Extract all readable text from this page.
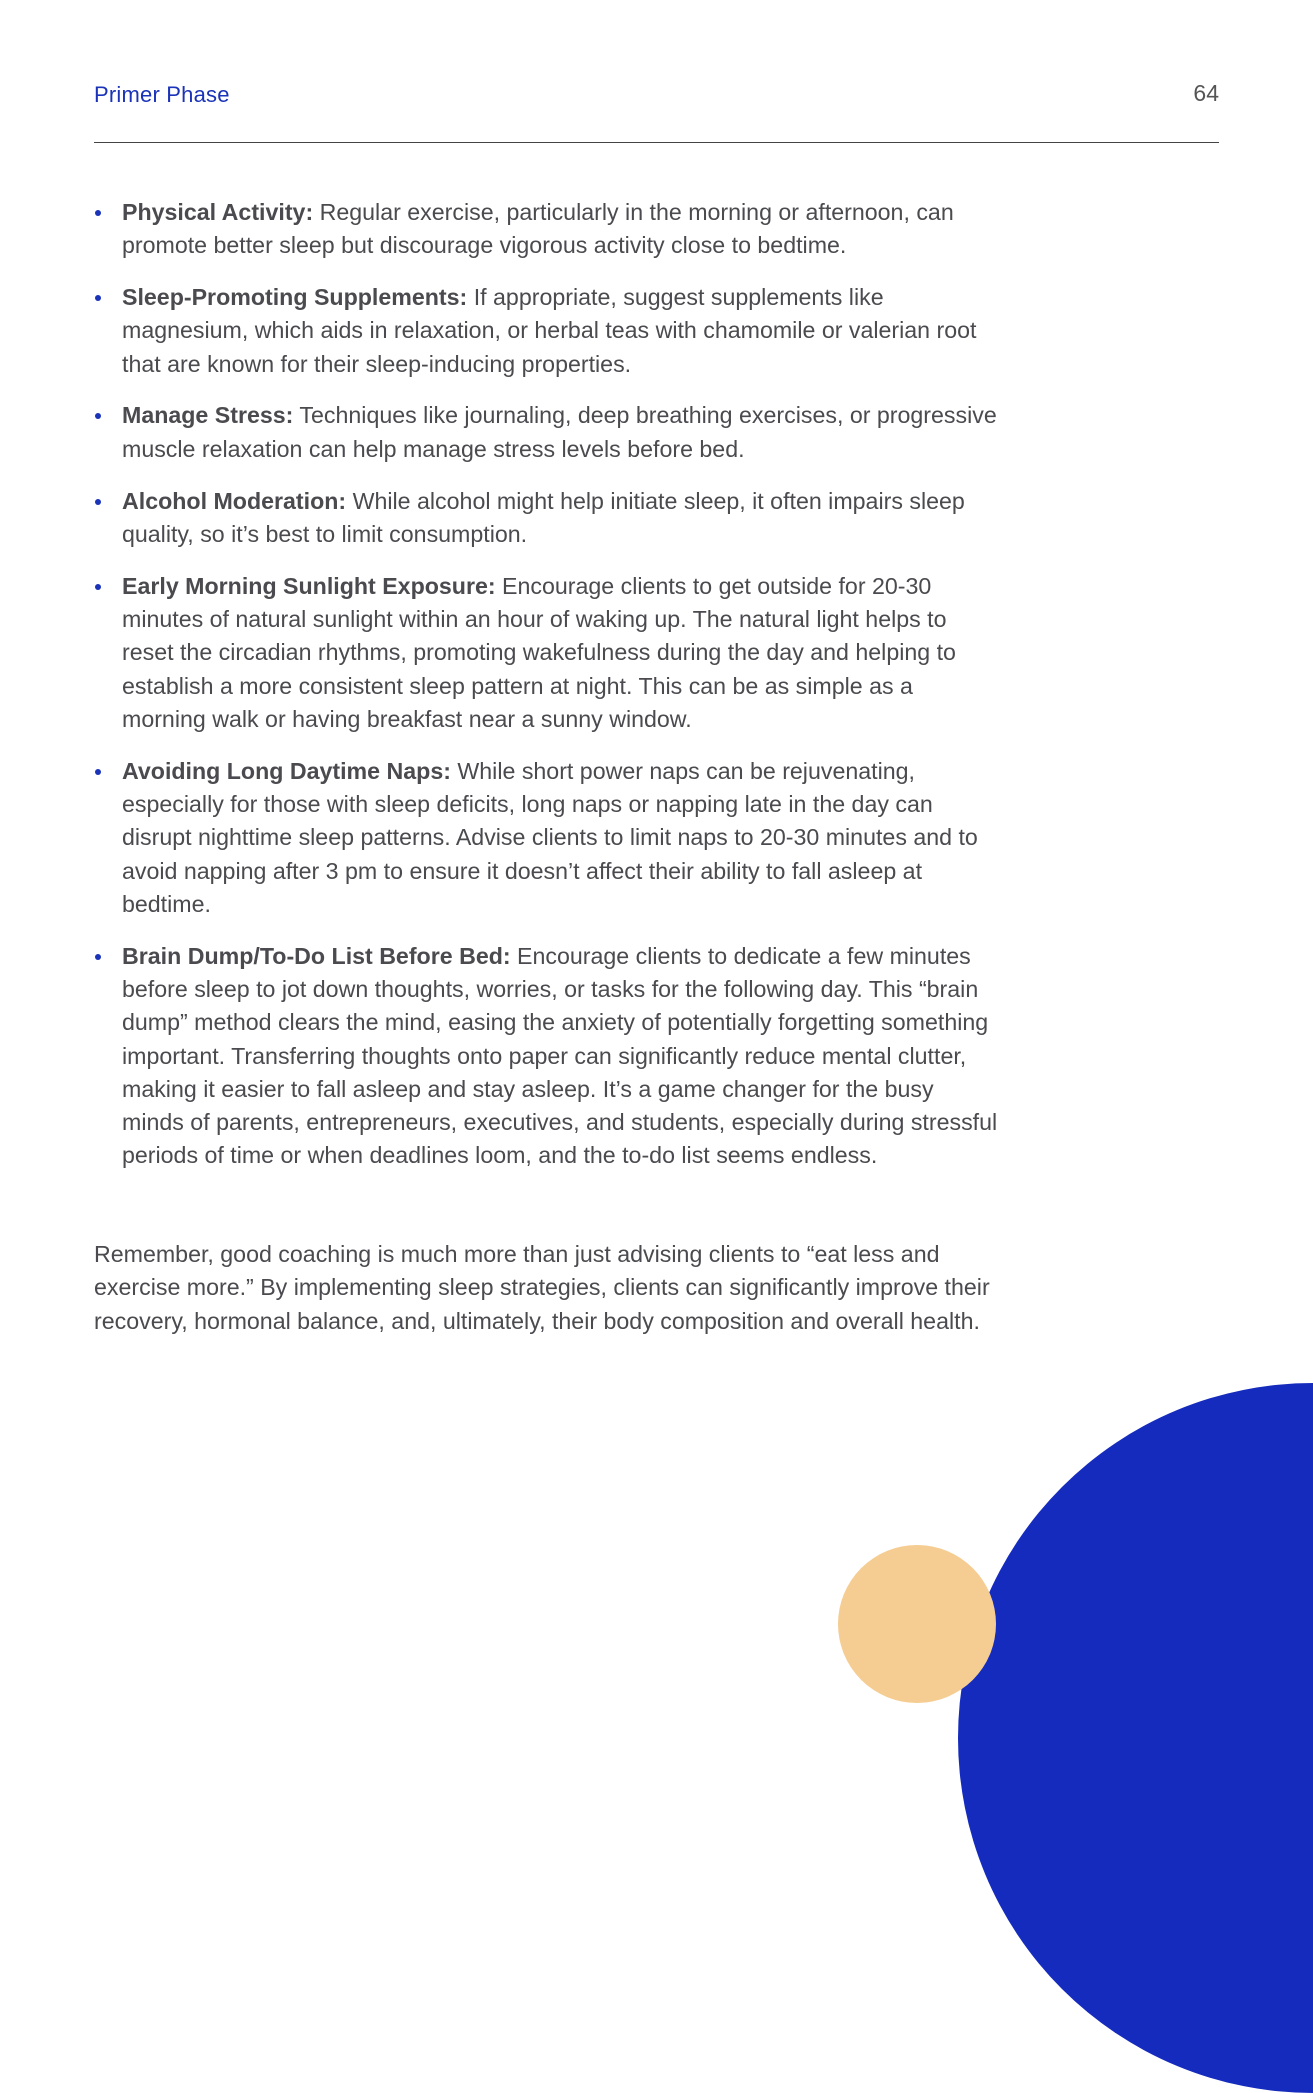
Primer Phase	64
Physical Activity: Regular exercise, particularly in the morning or afternoon, can promote better sleep but discourage vigorous activity close to bedtime.
Sleep-Promoting Supplements: If appropriate, suggest supplements like magnesium, which aids in relaxation, or herbal teas with chamomile or valerian root that are known for their sleep-inducing properties.
Manage Stress: Techniques like journaling, deep breathing exercises, or progressive muscle relaxation can help manage stress levels before bed.
Alcohol Moderation: While alcohol might help initiate sleep, it often impairs sleep quality, so it’s best to limit consumption.
Early Morning Sunlight Exposure: Encourage clients to get outside for 20-30 minutes of natural sunlight within an hour of waking up. The natural light helps to reset the circadian rhythms, promoting wakefulness during the day and helping to establish a more consistent sleep pattern at night. This can be as simple as a morning walk or having breakfast near a sunny window.
Avoiding Long Daytime Naps: While short power naps can be rejuvenating, especially for those with sleep deficits, long naps or napping late in the day can disrupt nighttime sleep patterns. Advise clients to limit naps to 20-30 minutes and to avoid napping after 3 pm to ensure it doesn’t affect their ability to fall asleep at bedtime.
Brain Dump/To-Do List Before Bed: Encourage clients to dedicate a few minutes before sleep to jot down thoughts, worries, or tasks for the following day. This “brain dump” method clears the mind, easing the anxiety of potentially forgetting something important. Transferring thoughts onto paper can significantly reduce mental clutter, making it easier to fall asleep and stay asleep. It’s a game changer for the busy minds of parents, entrepreneurs, executives, and students, especially during stressful periods of time or when deadlines loom, and the to-do list seems endless.

Remember, good coaching is much more than just advising clients to “eat less and exercise more.” By implementing sleep strategies, clients can significantly improve their recovery, hormonal balance, and, ultimately, their body composition and overall health.
